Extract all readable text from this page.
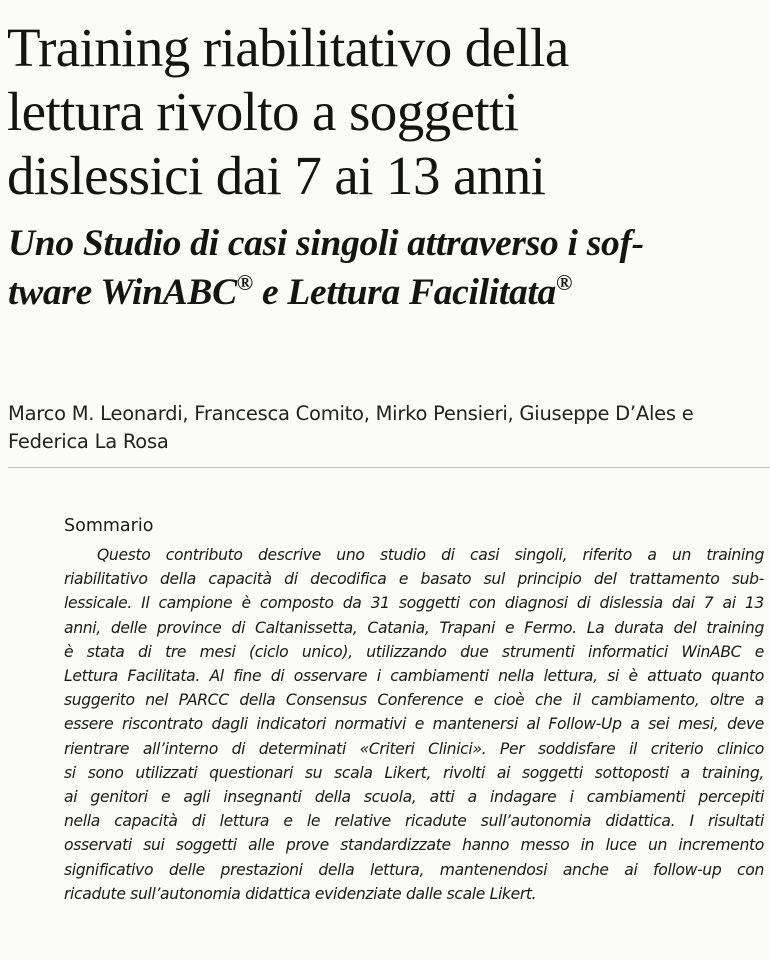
Training riabilitativo della
lettura rivolto a soggetti
dislessici dai 7 ai 13 anni
Uno Studio di casi singoli attraverso i sof-
tware WinABC® e Lettura Facilitata®
Marco M. Leonardi, Francesca Comito, Mirko Pensieri, Giuseppe D’Ales e
Federica La Rosa
Sommario
Questo contributo descrive uno studio di casi singoli, riferito a un training
riabilitativo della capacità di decodifica e basato sul principio del trattamento sub-
lessicale. Il campione è composto da 31 soggetti con diagnosi di dislessia dai 7 ai 13
anni, delle province di Caltanissetta, Catania, Trapani e Fermo. La durata del training
è stata di tre mesi (ciclo unico), utilizzando due strumenti informatici WinABC e
Lettura Facilitata. Al fine di osservare i cambiamenti nella lettura, si è attuato quanto
suggerito nel PARCC della Consensus Conference e cioè che il cambiamento, oltre a
essere riscontrato dagli indicatori normativi e mantenersi al Follow-Up a sei mesi, deve
rientrare all’interno di determinati «Criteri Clinici». Per soddisfare il criterio clinico
si sono utilizzati questionari su scala Likert, rivolti ai soggetti sottoposti a training,
ai genitori e agli insegnanti della scuola, atti a indagare i cambiamenti percepiti
nella capacità di lettura e le relative ricadute sull’autonomia didattica. I risultati
osservati sui soggetti alle prove standardizzate hanno messo in luce un incremento
significativo delle prestazioni della lettura, mantenendosi anche ai follow-up con
ricadute sull’autonomia didattica evidenziate dalle scale Likert.
